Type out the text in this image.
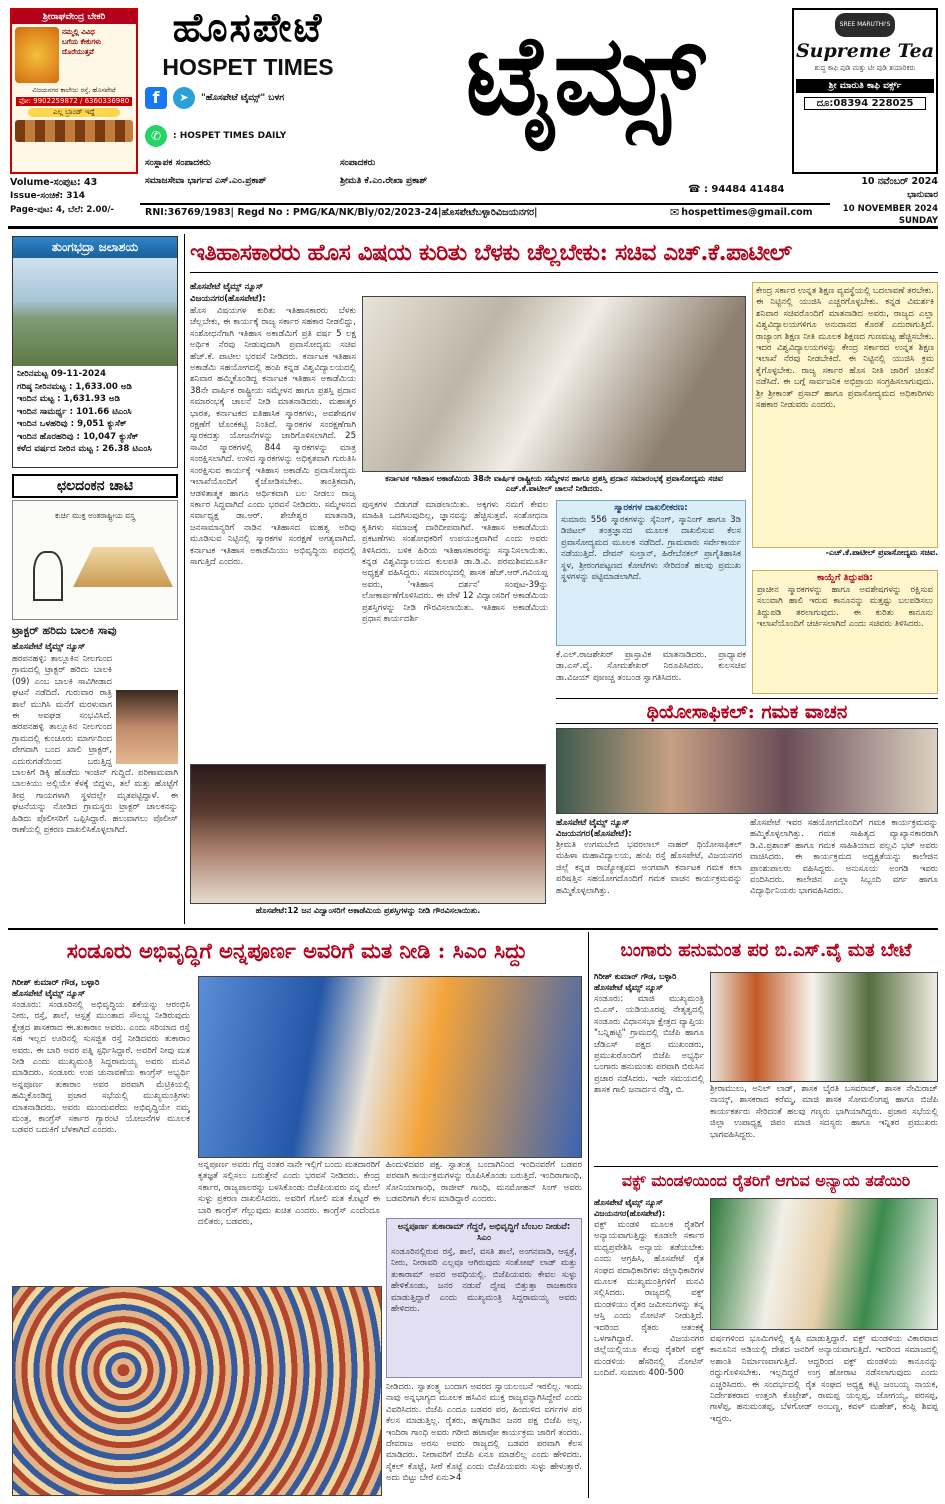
ಶ್ರೀರಾಘವೇಂದ್ರ ಬೇಕರಿ
ನಮ್ಮಲ್ಲಿ ವಿವಿಧ
ಬಗೆಯ ಕೇಕುಗಳು
ದೊರೆಯುತ್ತವೆ
ವಿಜಯನಗರ ಕಾಲೇಜು ರಸ್ತೆ, ಹೊಸಪೇಟೆ
ಫೋ: 9902259872 / 6360336980
ಎಲ್ಲ ಬ್ರಾಂಡ್ ಇದ್ದೆ
ಹೊಸಪೇಟೆ
HOSPET TIMES	ಟೈಮ್ಸ್
f	➤	"ಹೊಸಪೇಟೆ ಟೈಮ್ಸ್" ಬಳಗ
✆	: HOSPET TIMES DAILY
SREE MARUTHI'S
Supreme Tea
ಶುದ್ಧ ಕಾಫಿ ಪುಡಿ ಮತ್ತು ಟೀ ಪುಡಿ ತಯಾರಿಕರು
ಶ್ರೀ ಮಾರುತಿ ಕಾಫಿ ವರ್ಕ್ಸ್
ದೂ:08394 228025
ಸಂಸ್ಥಾಪಕ ಸಂಪಾದಕರು	ಸಂಪಾದಕರು
Volume-ಸಂಪುಟ: 43
Issue-ಸಂಚಿಕೆ: 314
Page-ಪುಟ: 4, ಬೆಲೆ: 2.00/-
ಸಮಾಜಸೇವಾ ಭಾರ್ಗವ ಎಸ್.ಎಂ.ಪ್ರಕಾಶ್	ಶ್ರೀಮತಿ ಕೆ.ಎಂ.ರೇಖಾ ಪ್ರಕಾಶ್
☎ : 94484 41484
10 ನವೆಂಬರ್ 2024
ಭಾನುವಾರ
RNI:36769/1983| Regd No : PMG/KA/NK/Bly/02/2023-24|ಹೊಸಪೇಟೆಬಳ್ಳಾರಿವಿಜಯನಗರ|	✉ hospettimes@gmail.com	10 NOVEMBER 2024
SUNDAY
ತುಂಗಭದ್ರಾ ಜಲಾಶಯ
ನೀರಿನಮಟ್ಟ 09-11-2024
ಗರಿಷ್ಠ ನೀರಿನಮಟ್ಟ : 1,633.00 ಅಡಿ
ಇಂದಿನ ಮಟ್ಟ : 1,631.93 ಅಡಿ
ಇಂದಿನ ಸಾಮರ್ಥ್ಯ : 101.66 ಟಿಎಂಸಿ
ಇಂದಿನ ಒಳಹರಿವು : 9,051 ಕ್ಯುಸೆಕ್
ಇಂದಿನ ಹೊರಹರಿವು : 10,047 ಕ್ಯುಸೆಕ್
ಕಳೆದ ವರ್ಷದ ನೀರಿನ ಮಟ್ಟ : 26.38 ಟಿಎಂಸಿ
ಛಲದಂಕನ ಚಾಟಿ
ಕುರ್ಚಿ ಮುಕ್ತ ಅಂತರಾಷ್ಟ್ರೀಯ ವಸ್ತ್ರ
ಟ್ರಾಕ್ಟರ್ ಹರಿದು ಬಾಲಕಿ ಸಾವು
ಹೊಸಪೇಟೆ ಟೈಮ್ಸ್ ನ್ಯೂಸ್
ಹರಪನಹಳ್ಳಿ: ತಾಲ್ಲೂಕಿನ ನೀಲಗುಂದ ಗ್ರಾಮದಲ್ಲಿ ಟ್ರಾಕ್ಟರ್ ಹರಿದು ಬಾಲಕಿ (09) ಎಂಬ ಬಾಲಕಿ ಸಾವಿಗೀಡಾದ ಘಟನೆ ನಡೆದಿದೆ. ಗುರುವಾರ ರಾತ್ರಿ ಶಾಲೆ ಮುಗಿಸಿ ಮನೆಗೆ ಮರಳುವಾಗ ಈ ಅವಘಡ ಸಂಭವಿಸಿದೆ. ಹರಪನಹಳ್ಳಿ ತಾಲ್ಲೂಕಿನ ನೀಲಗುಂದ ಗ್ರಾಮದಲ್ಲಿ ಕುಂಚೂರು ಮಾರ್ಗದಿಂದ ವೇಗವಾಗಿ ಬಂದ ಖಾಲಿ ಟ್ರಾಕ್ಟರ್, ಎದುರುಗಡೆಯಿಂದ ಬರುತ್ತಿದ್ದ ಬಾಲಕಿಗೆ ಡಿಕ್ಕಿ ಹೊಡೆದು ಇಂಜಿನ್ ಗುದ್ದಿದೆ. ಪರಿಣಾಮವಾಗಿ ಬಾಲಕಿಯು ಅಲ್ಲಿಯೇ ಕೆಳಕ್ಕೆ ಬಿದ್ದಳು, ತಲೆ ಮತ್ತು ಹೊಟ್ಟೆಗೆ ತೀವ್ರ ಗಾಯಗಳಾಗಿ ಸ್ಥಳದಲ್ಲೇ ಮೃತಪಟ್ಟಿದ್ದಾಳೆ. ಈ ಘಟನೆಯನ್ನು ನೋಡಿದ ಗ್ರಾಮಸ್ಥರು ಟ್ರಾಕ್ಟರ್ ಚಾಲಕನನ್ನು ಹಿಡಿದು ಪೊಲೀಸರಿಗೆ ಒಪ್ಪಿಸಿದ್ದಾರೆ. ಹಲುವಾಗಲು ಪೊಲೀಸ್ ಠಾಣೆಯಲ್ಲಿ ಪ್ರಕರಣ ದಾಖಲಿಸಿಕೊಳ್ಳಲಾಗಿದೆ.
ಇತಿಹಾಸಕಾರರು ಹೊಸ ವಿಷಯ ಕುರಿತು ಬೆಳಕು ಚೆಲ್ಲಬೇಕು: ಸಚಿವ ಎಚ್.ಕೆ.ಪಾಟೀಲ್
ಹೊಸಪೇಟೆ ಟೈಮ್ಸ್ ನ್ಯೂಸ್
ವಿಜಯನಗರ(ಹೊಸಪೇಟೆ):
ಹೊಸ ವಿಷಯಗಳ ಕುರಿತು ಇತಿಹಾಸಕಾರರು ಬೆಳಕು ಚೆಲ್ಲಬೇಕು, ಈ ಕಾರ್ಯಕ್ಕೆ ರಾಜ್ಯ ಸರ್ಕಾರ ಸಹಕಾರ ನೀಡಲಿದ್ದು, ಸಂಶೋಧನೆಗಾಗಿ ಇತಿಹಾಸ ಅಕಾಡೆಮಿಗೆ ಪ್ರತಿ ವರ್ಷ 5 ಲಕ್ಷ ಅರ್ಥಿಕ ನೆರವು ನೀಡುವುದಾಗಿ ಪ್ರವಾಸೋದ್ಯಮ ಸಚಿವ ಹೆಚ್.ಕೆ. ಪಾಟೀಲ ಭರವಸೆ ನೀಡಿದರು. ಕರ್ನಾಟಕ ಇತಿಹಾಸ ಅಕಾಡೆಮಿ ಸಹಯೋಗದಲ್ಲಿ ಹಂಪಿ ಕನ್ನಡ ವಿಶ್ವವಿದ್ಯಾಲಯದಲ್ಲಿ ಶನಿವಾರ ಹಮ್ಮಿಕೊಂಡಿದ್ದ ಕರ್ನಾಟಕ ಇತಿಹಾಸ ಅಕಾಡೆಮಿಯ 38ನೇ ವಾರ್ಷಿಕ ರಾಷ್ಟ್ರೀಯ ಸಮ್ಮೇಳನ ಹಾಗೂ ಪ್ರಶಸ್ತಿ ಪ್ರದಾನ ಸಮಾರಂಭಕ್ಕೆ ಚಾಲನೆ ನೀಡಿ ಮಾತನಾಡಿದರು. ಮಹಾತ್ಮರ ಭಾರತ, ಕರ್ನಾಟಕದ ಐತಿಹಾಸಿಕ ಸ್ಮಾರಕಗಳು, ಅವಶೇಷಗಳ ರಕ್ಷಣೆಗೆ ಟೊಂಕಕಟ್ಟಿ ನಿಂತಿದೆ. ಸ್ಮಾರಕಗಳ ಸಂರಕ್ಷಣೆಗಾಗಿ ಸ್ಮಾರಕದತ್ತು ಯೋಜನೆಗಳನ್ನು ಜಾರಿಗೊಳಿಸಲಾಗಿದೆ. 25 ಸಾವಿರ ಸ್ಮಾರಕಗಳಲ್ಲಿ 844 ಸ್ಮಾರಕಗಳನ್ನು ಮಾತ್ರ ಸಂರಕ್ಷಿಸಲಾಗಿದೆ. ಉಳಿದ ಸ್ಮಾರಕಗಳನ್ನು ಅಧಿಕೃತವಾಗಿ ಗುರುತಿಸಿ ಸಂರಕ್ಷಿಸುವ ಕಾರ್ಯಕ್ಕೆ ಇತಿಹಾಸ ಅಕಾಡೆಮಿ ಪ್ರವಾಸೋದ್ಯಮ ಇಲಾಖೆಯೊಂದಿಗೆ ಕೈಜೋಡಿಸಬೇಕು. ತಾಂತ್ರಿಕವಾಗಿ, ಆಡಳಿತಾತ್ಮಕ ಹಾಗೂ ಆರ್ಥಿಕವಾಗಿ ಬಲ ನೀಡಲು ರಾಜ್ಯ ಸರ್ಕಾರ ಸಿದ್ಧವಾಗಿದೆ ಎಂದು ಭರವಸೆ ನೀಡಿದರು. ಸಮ್ಮೇಳನದ ಸರ್ವಾಧ್ಯಕ್ಷ ಡಾ.ಆರ್. ಶೇಜೇಶ್ವರ ಮಾತನಾಡಿ, ಜನಸಾಮಾನ್ಯರಿಗೆ ನಾಡಿನ ಇತಿಹಾಸದ ಮಹತ್ವ ಅರಿವು ಮೂಡಿಸುವ ನಿಟ್ಟಿನಲ್ಲಿ ಸ್ಮಾರಕಗಳ ಸಂರಕ್ಷಣೆ ಅಗತ್ಯವಾಗಿದೆ. ಕರ್ನಾಟಕ ಇತಿಹಾಸ ಅಕಾಡೆಮಿಯು ಅಭಿವೃದ್ಧಿಯ ಪಥದಲ್ಲಿ ಸಾಗುತ್ತಿದೆ ಎಂದರು.
ಕರ್ನಾಟಕ ಇತಿಹಾಸ ಅಕಾಡೆಮಿಯ 38ನೇ ವಾರ್ಷಿಕ ರಾಷ್ಟ್ರೀಯ ಸಮ್ಮೇಳನ ಹಾಗೂ ಪ್ರಶಸ್ತಿ ಪ್ರದಾನ ಸಮಾರಂಭಕ್ಕೆ ಪ್ರವಾಸೋದ್ಯಮ ಸಚಿವ ಎಚ್.ಕೆ.ಪಾಟೀಲ್ ಚಾಲನೆ ನೀಡಿದರು.
ಪುಸ್ತಕಗಳ ಬಿಡುಗಡೆ ಮಾಡಲಾಯಿತು. ಅಕ್ಕಗಳು ನಮಗೆ ಕೇವಲ ಮಾಹಿತಿ ಒದಗಿಸುವುದಿಲ್ಲ, ಜ್ಞಾನವನ್ನು ಹೆಚ್ಚಿಸುತ್ತವೆ. ಸಂಶೋಧನಾ ಕೃತಿಗಳು ಸಮಾಜಕ್ಕೆ ದಾರಿದೀಪವಾಗಿವೆ. ಇತಿಹಾಸ ಅಕಾಡೆಮಿಯ ಪ್ರಕಟಣೆಗಳು ಸಂಶೋಧಕರಿಗೆ ಉಪಯುಕ್ತವಾಗಿವೆ ಎಂದು ಅವರು ತಿಳಿಸಿದರು. ಬಳಿಕ ಹಿರಿಯ ಇತಿಹಾಸಕಾರರನ್ನು ಸನ್ಮಾನಿಸಲಾಯಿತು. ಕನ್ನಡ ವಿಶ್ವವಿದ್ಯಾಲಯದ ಕುಲಪತಿ ಡಾ.ಡಿ.ವಿ. ಪರಮಶಿವಮೂರ್ತಿ ಅಧ್ಯಕ್ಷತೆ ವಹಿಸಿದ್ದರು. ಸಮಾರಂಭದಲ್ಲಿ ಶಾಸಕ ಹೆಚ್.ಆರ್.ಗವಿಯಪ್ಪ ಅವರು, 'ಇತಿಹಾಸ ದರ್ಶನ' ಸಂಪುಟ-39ನ್ನು ಲೋಕಾರ್ಪಣೆಗೊಳಿಸಿದರು. ಈ ವೇಳೆ 12 ವಿದ್ವಾಂಸರಿಗೆ ಅಕಾಡೆಮಿಯ ಪ್ರಶಸ್ತಿಗಳನ್ನು ನೀಡಿ ಗೌರವಿಸಲಾಯಿತು. ಇತಿಹಾಸ ಅಕಾಡೆಮಿಯ ಪ್ರಧಾನ ಕಾರ್ಯದರ್ಶಿ
ಸ್ಮಾರಕಗಳ ದಾಖಲೀಕರಣ:
ಸುಮಾರು 556 ಸ್ಮಾರಕಗಳನ್ನು ಸ್ಕೆನಿಂಗ್, ಸ್ಕಾನಿಂಗ್ ಹಾಗೂ 3ಡಿ ಡಿಜಿಟಲ್ ತಂತ್ರಜ್ಞಾನದ ಮೂಲಕ ದಾಖಲಿಸುವ ಕೆಲಸ ಪ್ರವಾಸೋದ್ಯಮದ ಮೂಲಕ ನಡೆದಿದೆ. ಗ್ರಾಮವಾರು ಸರ್ವೇಕಾರ್ಯ ನಡೆಯುತ್ತಿದೆ. ದೇವನ್ ಸುಲ್ತಾನ್, ಹಿರೇಬೆನಕಲ್ ಪ್ರಾಗೈತಿಹಾಸಿಕ ಸ್ಥಳ, ಶ್ರೀರಂಗಪಟ್ಟಣದ ಕೋಟೆಗಳು ಸೇರಿದಂತೆ ಹಲವು ಪ್ರಮುಖ ಸ್ಥಳಗಳನ್ನು ಪಟ್ಟಿಮಾಡಲಾಗಿದೆ.
ಕೆ.ಎಲ್.ರಾಜಶೇಖರ್ ಪ್ರಾಸ್ತಾವಿಕ ಮಾತನಾಡಿದರು. ಪ್ರಾಧ್ಯಾಪಕ ಡಾ.ಎಸ್.ವೈ. ಸೋಮಶೇಖರ್ ನಿರೂಪಿಸಿದರು. ಕುಲಸಚಿವ ಡಾ.ವಿಜಯ್ ಪೂಣಚ್ಚ ತಂಬಂಡ ಸ್ವಾಗತಿಸಿದರು.
ಕೇಂದ್ರ ಸರ್ಕಾರ ಉನ್ನತ ಶಿಕ್ಷಣ ವ್ಯವಸ್ಥೆಯಲ್ಲಿ ಬದಲಾವಣೆ ತರಬೇಕು. ಈ ನಿಟ್ಟಿನಲ್ಲಿ ಯುಜಿಸಿ ಎಚ್ಚರಗೊಳ್ಳಬೇಕು. ಕನ್ನಡ ವಿಮರ್ಶಕಿ ಶನಿವಾರ ಸಚಿವರೊಂದಿಗೆ ಮಾತನಾಡಿದ ಅವರು, ರಾಜ್ಯದ ಎಲ್ಲಾ ವಿಶ್ವವಿದ್ಯಾಲಯಗಳಿಗೂ ಅನುದಾನದ ಕೊರತೆ ಎದುರಾಗುತ್ತಿದೆ. ರಾಜ್ಯಾಂಗ ಶಿಕ್ಷಣ ನೀತಿ ಮೂಲಕ ಶಿಕ್ಷಣದ ಗುಣಮಟ್ಟ ಹೆಚ್ಚಿಸಬೇಕು. ಇದರ ವಿಶ್ವವಿದ್ಯಾಲಯಗಳನ್ನು ಕೇಂದ್ರ ಸರ್ಕಾರದ ಉನ್ನತ ಶಿಕ್ಷಣ ಇಲಾಖೆ ನೆರವು ನೀಡಬೇಕಿದೆ. ಈ ನಿಟ್ಟಿನಲ್ಲಿ ಯುಜಿಸಿ ಕ್ರಮ ಕೈಗೊಳ್ಳಬೇಕು. ರಾಜ್ಯ ಸರ್ಕಾರ ಹೊಸ ನೀತಿ ಜಾರಿಗೆ ಚಿಂತನೆ ನಡೆಸಿದೆ. ಈ ಬಗ್ಗೆ ಸಾರ್ವಜನಿಕ ಅಭಿಪ್ರಾಯ ಸಂಗ್ರಹಿಸಲಾಗುವುದು. ಶ್ರೀ ಶ್ರೀಕಾಂತ್ ಪ್ರಸಾದ್ ಹಾಗೂ ಪ್ರವಾಸೋದ್ಯಮದ ಅಧಿಕಾರಿಗಳು ಸಹಕಾರ ನೀಡುವರು ಎಂದರು.
-ಎಚ್.ಕೆ.ಪಾಟೀಲ್ ಪ್ರವಾಸೋದ್ಯಮ ಸಚಿವ.
ಕಾಯ್ದೆಗೆ ತಿದ್ದುಪಡಿ:
ಪ್ರಾಚೀನ ಸ್ಮಾರಕಗಳನ್ನು ಹಾಗೂ ಅವಶೇಷಗಳನ್ನು ರಕ್ಷಿಸುವ ಸಲುವಾಗಿ ಹಾಲಿ ಇರುವ ಕಾನೂನನ್ನು ಮತ್ತಷ್ಟು ಬಲಪಡಿಸಲು ತಿದ್ದುಪಡಿ ತರಲಾಗುವುದು. ಈ ಕುರಿತು ಕಾನೂನು ಇಲಾಖೆಯೊಂದಿಗೆ ಚರ್ಚಿಸಲಾಗಿದೆ ಎಂದು ಸಚಿವರು ತಿಳಿಸಿದರು.
ಹೊಸಪೇಟೆ:12 ಜನ ವಿದ್ವಾಂಸರಿಗೆ ಅಕಾಡೆಮಿಯ ಪ್ರಶಸ್ತಿಗಳನ್ನು ನೀಡಿ ಗೌರವಿಸಲಾಯಿತು.
ಥಿಯೋಸಾಫಿಕಲ್: ಗಮಕ ವಾಚನ
ಹೊಸಪೇಟೆ ಟೈಮ್ಸ್ ನ್ಯೂಸ್
ವಿಜಯನಗರ(ಹೊಸಪೇಟೆ):
ಶ್ರೀಮತಿ ಉಗಮಬೇಬಿ ಭವರಲಾಲ್ ನಾಹರ್ ಥಿಯೋಸಾಫಿಕಲ್ ಮಹಿಳಾ ಮಹಾವಿದ್ಯಾಲಯ, ಹಂಪಿ ರಸ್ತೆ ಹೊಸಪೇಟೆ, ವಿಜಯನಗರ ಜಿಲ್ಲೆ ಕನ್ನಡ ರಾಜ್ಯೋತ್ಸವದ ಅಂಗವಾಗಿ ಕರ್ನಾಟಕ ಗಮಕ ಕಲಾ ಪರಿಷತ್ತಿನ ಸಹಯೋಗದೊಂದಿಗೆ ಗಮಕ ವಾಚನ ಕಾರ್ಯಕ್ರಮವನ್ನು ಹಮ್ಮಿಕೊಳ್ಳಲಾಗಿತ್ತು.
ಹೊಸಪೇಟೆ ಇವರ ಸಹಯೋಗದೊಂದಿಗೆ ಗಮಕ ಕಾರ್ಯಕ್ರಮವನ್ನು ಹಮ್ಮಿಕೊಳ್ಳಲಾಗಿತ್ತು. ಗಮಕ ಸಾಹಿತ್ಯದ ವ್ಯಾಖ್ಯಾನಕಾರರಾಗಿ ಡಿ.ವಿ.ಪ್ರಶಾಂತ್ ಹಾಗೂ ಗಮಕ ಸಾಹಿತಿಯಾದ ಪಲ್ಲವಿ ಭಟ್ ಅವರು ವಾಚಿಸಿದರು. ಈ ಕಾರ್ಯಕ್ರಮದ ಅಧ್ಯಕ್ಷತೆಯನ್ನು ಕಾಲೇಜಿನ ಪ್ರಾಂಶುಪಾಲರು ವಹಿಸಿದ್ದರು. ಅನುಸೂಯ ಅಂಗಡಿ ಇವರು ವಂದಿಸಿದರು. ಕಾಲೇಜಿನ ಎಲ್ಲಾ ಸಿಬ್ಬಂದಿ ವರ್ಗ ಹಾಗೂ ವಿದ್ಯಾರ್ಥಿನಿಯರು ಭಾಗವಹಿಸಿದರು.
ಸಂಡೂರು ಅಭಿವೃದ್ಧಿಗೆ ಅನ್ನಪೂರ್ಣ ಅವರಿಗೆ ಮತ ನೀಡಿ : ಸಿಎಂ ಸಿದ್ದು
ಗಿರೀಶ್ ಕುಮಾರ್ ಗೌಡ, ಬಳ್ಳಾರಿ
ಹೊಸಪೇಟೆ ಟೈಮ್ಸ್ ನ್ಯೂಸ್
ಸಂಡೂರು: ಸಂಡೂರಿನಲ್ಲಿ ಅಭಿವೃದ್ಧಿಯ ಶಕೆಯನ್ನು ಆರಂಭಿಸಿ ನೀರು, ರಸ್ತೆ, ಶಾಲೆ, ಆಸ್ಪತ್ರೆ ಮುಂತಾದ ಸೌಲಭ್ಯ ನೀಡಿರುವುದು ಕ್ಷೇತ್ರದ ಶಾಸಕರಾದ ಈ.ತುಕಾರಾಂ ಅವರು. ಎಂದು ಸರಿಯಾದ ರಸ್ತೆ ಸಹ ಇಲ್ಲದ ಊರಿನಲ್ಲಿ ಸುಸಜ್ಜಿತ ರಸ್ತೆ ನೀಡಿದವರು ತುಕಾರಾಂ ಅವರು. ಈ ಬಾರಿ ಅವರ ಪತ್ನಿ ಸ್ಪರ್ಧಿಸಿದ್ದಾರೆ. ಅವರಿಗೆ ನೀವು ಮತ ನೀಡಿ ಎಂದು ಮುಖ್ಯಮಂತ್ರಿ ಸಿದ್ದರಾಮಯ್ಯ ಅವರು ಮನವಿ ಮಾಡಿದರು. ಸಂಡೂರು ಉಪ ಚುನಾವಣೆಯ ಕಾಂಗ್ರೆಸ್ ಅಭ್ಯರ್ಥಿ ಅನ್ನಪೂರ್ಣ ತುಕಾರಾಂ ಅವರ ಪರವಾಗಿ ಮೆಟ್ರಿಕಿಯಲ್ಲಿ ಹಮ್ಮಿಕೊಂಡಿದ್ದ ಪ್ರಚಾರ ಸಭೆಯಲ್ಲಿ ಮುಖ್ಯಮಂತ್ರಿಗಳು ಮಾತನಾಡಿದರು. ಅವರು ಮುಂದುವರೆದು ಅಭಿವೃದ್ಧಿಯೇ ನಮ್ಮ ಮಂತ್ರ, ಕಾಂಗ್ರೆಸ್ ಸರ್ಕಾರ ಗ್ಯಾರಂಟಿ ಯೋಜನೆಗಳ ಮೂಲಕ ಬಡವರ ಬದುಕಿಗೆ ಬೆಳಕಾಗಿದೆ ಎಂದರು.
ಅನ್ನಪೂರ್ಣ ಅವರು ಗೆದ್ದ ನಂತರ ನಾನೇ ಇಲ್ಲಿಗೆ ಬಂದು ಮತದಾರರಿಗೆ ಕೃತಜ್ಞತೆ ಸಲ್ಲಿಸಲು ಬರುತ್ತೇನೆ ಎಂದು ಭರವಸೆ ನೀಡಿದರು. ಕೇಂದ್ರ ಸರ್ಕಾರ, ರಾಜ್ಯಪಾಲರನ್ನು ಬಳಸಿಕೊಂಡು ಬಿಜೆಪಿಯವರು ನನ್ನ ಮೇಲೆ ಸುಳ್ಳು ಪ್ರಕರಣ ದಾಖಲಿಸಿದರು. ಅವರಿಗೆ ಗೋಲಿ ಮತ ಕೊಟ್ಟರೆ ಈ ಬಾರಿ ಕಾಂಗ್ರೆಸ್ ಗೆಲ್ಲುವುದು ಖಚಿತ ಎಂದರು. ಕಾಂಗ್ರೆಸ್ ಎಂದೆಂದೂ ದಲಿತರು, ಬಡವರು,
ಹಿಂದುಳಿದವರ ಪಕ್ಷ. ಸ್ವಾತಂತ್ರ್ಯ ಬಂದಾಗಿನಿಂದ ಇಂದಿನವರೆಗೆ ಬಡವರ ಪರವಾಗಿ ಕಾರ್ಯಕ್ರಮಗಳನ್ನು ರೂಪಿಸಿಕೊಂಡು ಬರುತ್ತಿದೆ. ಇಂದಿರಾಗಾಂಧಿ, ಸೋನಿಯಾಗಾಂಧಿ, ರಾಜೀವ್ ಗಾಂಧಿ, ಮನಮೋಹನ್ ಸಿಂಗ್ ಅವರು ಬಡವರಿಗಾಗಿ ಕೆಲಸ ಮಾಡಿದ್ದಾರೆ ಎಂದರು.
ಅನ್ನಪೂರ್ಣ ತುಕಾರಾಮ್ ಗೆದ್ದರೆ, ಅಭಿವೃದ್ಧಿಗೆ ಬೆಂಬಲ ನೀಡುವೆ: ಸಿಎಂ
ಸಂಡೂರಿನಲ್ಲಿರುವ ರಸ್ತೆ, ಶಾಲೆ, ವಸತಿ ಶಾಲೆ, ಅಂಗನವಾಡಿ, ಆಸ್ಪತ್ರೆ, ನೀರು, ನೀರಾವರಿ ಎಲ್ಲವೂ ಆಗಿರುವುದು ಸಂತೋಷ್ ಲಾಡ್ ಮತ್ತು ತುಕಾರಾಮ್ ಅವರ ಅವಧಿಯಲ್ಲಿ. ಬಿಜೆಪಿಯವರು ಕೇವಲ ಸುಳ್ಳು ಹೇಳಿಕೊಂಡು, ಜನರ ನಡುವೆ ದ್ವೇಷ ಬಿತ್ತುತ್ತಾ ರಾಜಕಾರಣ ಮಾಡುತ್ತಿದ್ದಾರೆ ಎಂದು ಮುಖ್ಯಮಂತ್ರಿ ಸಿದ್ದರಾಮಯ್ಯ ಅವರು ಹೇಳಿದರು.
ನೀಡಿದರು. ಸ್ವಾತಂತ್ರ್ಯ ಬಂದಾಗ ಅವರದ ಸ್ವಾಯಲಂಬನೆ ಇರಲಿಲ್ಲ. ಇಂದು ನಾವು ಅನ್ನಭಾಗ್ಯದ ಮೂಲಕ ಹಸಿವಿನ ಮುಕ್ತ ರಾಜ್ಯವನ್ನಾಗಿಸಿದ್ದೇವೆ ಎಂದು ವಿವರಿಸಿದರು. ಬಿಜೆಪಿ ಎಂದೂ ಬಡವರ ಪರ, ಹಿಂದುಳಿದ ವರ್ಗಗಳ ಪರ ಕೆಲಸ ಮಾಡುತ್ತಿಲ್ಲ. ರೈತರು, ಹಳ್ಳಿಗಾಡಿನ ಜನರ ಪಕ್ಷ ಬಿಜೆಪಿ ಅಲ್ಲ. ಇಂದಿರಾ ಗಾಂಧಿ ಅವರು ಗರೀಬಿ ಹಟಾವೋ ಕಾರ್ಯಕ್ರಮ ಜಾರಿಗೆ ತಂದರು. ದೇವರಾಜ ಅರಸು ಅವರು ರಾಜ್ಯದಲ್ಲಿ ಬಡವರ ಪರವಾಗಿ ಕೆಲಸ ಮಾಡಿದರು. ನೀರಾವರಿಗೆ ಬಿಜೆಪಿ ಏನೂ ಮಾಡಲಿಲ್ಲ ಎಂದು ಹೇಳಿದರು. ಸೈಕಲ್ ಕೊಟ್ಟೆ, ಸೀರೆ ಕೊಟ್ಟೆ ಎಂದು ಬಿಜೆಪಿಯವರು ಸುಳ್ಳು ಹೇಳುತ್ತಾರೆ. ಅದು ಬಿಟ್ಟು ಬೇರೆ ಏನು>4
ಬಂಗಾರು ಹನುಮಂತ ಪರ ಬಿ.ಎಸ್.ವೈ ಮತ ಬೇಟೆ
ಗಿರೀಶ್ ಕುಮಾರ್ ಗೌಡ, ಬಳ್ಳಾರಿ
ಹೊಸಪೇಟೆ ಟೈಮ್ಸ್ ನ್ಯೂಸ್
ಸಂಡೂರು: ಮಾಜಿ ಮುಖ್ಯಮಂತ್ರಿ ಬಿ.ಎಸ್. ಯಡಿಯೂರಪ್ಪ ನೇತೃತ್ವದಲ್ಲಿ ಸಂಡೂರು ವಿಧಾನಸಭಾ ಕ್ಷೇತ್ರದ ವ್ಯಾಪ್ತಿಯ "ಬನ್ನಿಹಟ್ಟಿ" ಗ್ರಾಮದಲ್ಲಿ ಬಿಜೆಪಿ ಹಾಗೂ ಜೆಡಿಎಸ್ ಪಕ್ಷದ ಮುಖಂಡರು, ಪ್ರಮುಖರೊಂದಿಗೆ ಬಿಜೆಪಿ ಅಭ್ಯರ್ಥಿ ಬಂಗಾರು ಹನುಮಂತು ಪರವಾಗಿ ಬಿರುಸಿನ ಪ್ರಚಾರ ನಡೆಸಿದರು. ಇದೇ ಸಮಯದಲ್ಲಿ ಶಾಸಕ ಗಾಲಿ ಜನಾರ್ದನ ರೆಡ್ಡಿ, ಬಿ.	ಶ್ರೀರಾಮುಲು, ಅನಿಲ್ ಲಾಡ್, ಶಾಸಕ ಬೈರತಿ ಬಸವರಾಜ್, ಶಾಸಕ ನೇಮಿರಾಜ್ ನಾಯ್ಕ್, ಶಾಸಕರಾದ ಕರೆಮ್ಮ, ಮಾಜಿ ಶಾಸಕ ಸೋಮಲಿಂಗಪ್ಪ ಹಾಗೂ ಬಿಜೆಪಿ ಕಾರ್ಯಕರ್ತರು ಸೇರಿದಂತೆ ಹಲವು ಗಣ್ಯರು ಭಾಗಿಯಾಗಿದ್ದರು. ಪ್ರಚಾರ ಸಭೆಯಲ್ಲಿ ಜಿಲ್ಲಾ ಉಪಾಧ್ಯಕ್ಷ ಜಿಪಂ ಮಾಜಿ ಸದಸ್ಯರು ಹಾಗೂ ಇನ್ನಿತರ ಪ್ರಮುಖರು ಭಾಗವಹಿಸಿದ್ದರು.
ವಕ್ಫ್ ಮಂಡಳಿಯಿಂದ ರೈತರಿಗೆ ಆಗುವ ಅನ್ಯಾಯ ತಡೆಯಿರಿ
ಹೊಸಪೇಟೆ ಟೈಮ್ಸ್ ನ್ಯೂಸ್
ವಿಜಯನಗರ(ಹೊಸಪೇಟೆ):
ವಕ್ಫ್ ಮಂಡಳಿ ಮೂಲಕ ರೈತರಿಗೆ ಅನ್ಯಾಯವಾಗುತ್ತಿದ್ದು ಕೂಡಲೇ ಸರ್ಕಾರ ಮಧ್ಯಪ್ರವೇಶಿಸಿ ಅನ್ಯಾಯ ತಡೆಯಬೇಕು ಎಂದು ಆಗ್ರಹಿಸಿ, ಹೊಸಪೇಟೆ ರೈತ ಸಂಘದ ಪದಾಧಿಕಾರಿಗಳು ಜಿಲ್ಲಾಧಿಕಾರಿಗಳ ಮೂಲಕ ಮುಖ್ಯಮಂತ್ರಿಗಳಿಗೆ ಮನವಿ ಸಲ್ಲಿಸಿದರು. ರಾಜ್ಯದಲ್ಲಿ ವಕ್ಫ್ ಮಂಡಳಿಯು ರೈತರ ಜಮೀನುಗಳನ್ನು ತನ್ನ ಆಸ್ತಿ ಎಂದು ನೋಟಿಸ್ ನೀಡುತ್ತಿದೆ. ಇದರಿಂದ ರೈತರು ಆತಂಕಕ್ಕೆ ಒಳಗಾಗಿದ್ದಾರೆ. ವಿಜಯನಗರ ಜಿಲ್ಲೆಯಲ್ಲಿಯೂ ಕೆಲವು ರೈತರಿಗೆ ವಕ್ಫ್ ಮಂಡಳಿಯ ಹೆಸರಿನಲ್ಲಿ ನೋಟಿಸ್ ಬಂದಿವೆ. ಸುಮಾರು 400-500
ವರ್ಷಗಳಿಂದ ಭೂಮಿಗಳಲ್ಲಿ ಕೃಷಿ ಮಾಡುತ್ತಿದ್ದಾರೆ. ವಕ್ಫ್ ಮಂಡಳಿಯ ವಿಕಾರವಾದ ಕಾನೂನಿನ ಅಡಿಯಲ್ಲಿ ದೇಶದ ಜನರಿಗೆ ಅನ್ಯಾಯವಾಗುತ್ತಿದೆ. ಇದರಿಂದ ಸಮಾಜದಲ್ಲಿ ಅಶಾಂತಿ ನಿರ್ಮಾಣವಾಗುತ್ತಿದೆ. ಆದ್ದರಿಂದ ವಕ್ಫ್ ಮಂಡಳಿಯ ಕಾನೂನನ್ನು ರದ್ದುಗೊಳಿಸಬೇಕು. ಇಲ್ಲದಿದ್ದರೆ ಉಗ್ರ ಹೋರಾಟ ನಡೆಸಲಾಗುವುದು ಎಂದು ಎಚ್ಚರಿಸಿದರು. ಈ ಸಂದರ್ಭದಲ್ಲಿ ರೈತ ಸಂಘದ ಅಧ್ಯಕ್ಷ ಕಟ್ಟಿ ಜಂಬಯ್ಯ ನಾಯಕ, ನಿರ್ದೇಶಕರಾದ ಉತ್ತಂಗಿ ಕೊಟ್ರೇಶ್, ರಾಮಪ್ಪ ಯಲ್ಲಪ್ಪ, ಜೋಗಯ್ಯ, ಪರಸಪ್ಪ, ಗಾಳೆಪ್ಪ, ಹನುಮಂತಪ್ಪ, ಬೆಳಗೋಡ್ ಅಂಬಣ್ಣ, ಕವಳ್ ಮಹೇಶ್, ಕಂಪ್ಲಿ ಶಿವಪ್ಪ ಇದ್ದರು.
